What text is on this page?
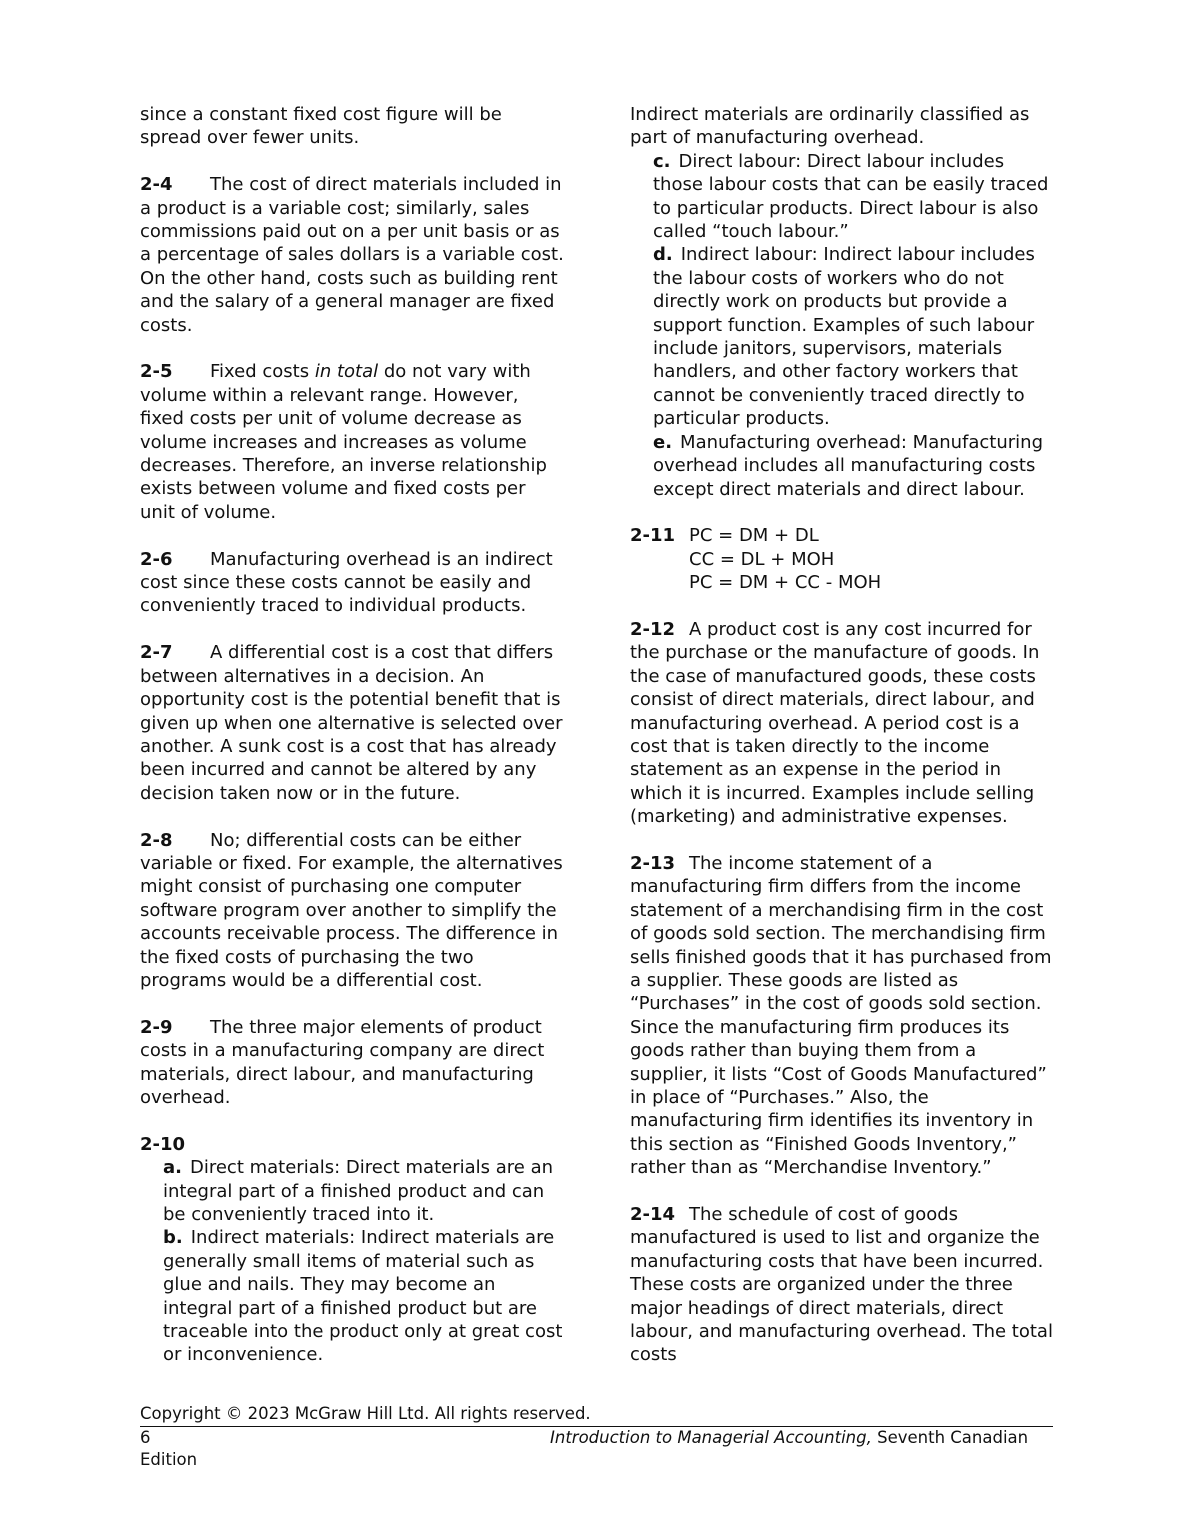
since a constant fixed cost figure will be spread over fewer units.

2-4 The cost of direct materials included in a product is a variable cost; similarly, sales commissions paid out on a per unit basis or as a percentage of sales dollars is a variable cost. On the other hand, costs such as building rent and the salary of a general manager are fixed costs.

2-5 Fixed costs in total do not vary with volume within a relevant range. However, fixed costs per unit of volume decrease as volume increases and increases as volume decreases. Therefore, an inverse relationship exists between volume and fixed costs per unit of volume.

2-6 Manufacturing overhead is an indirect cost since these costs cannot be easily and conveniently traced to individual products.

2-7 A differential cost is a cost that differs between alternatives in a decision. An opportunity cost is the potential benefit that is given up when one alternative is selected over another. A sunk cost is a cost that has already been incurred and cannot be altered by any decision taken now or in the future.

2-8 No; differential costs can be either variable or fixed. For example, the alternatives might consist of purchasing one computer software program over another to simplify the accounts receivable process. The difference in the fixed costs of purchasing the two programs would be a differential cost.

2-9 The three major elements of product costs in a manufacturing company are direct materials, direct labour, and manufacturing overhead.

2-10

a. Direct materials: Direct materials are an integral part of a finished product and can be conveniently traced into it.

b. Indirect materials: Indirect materials are generally small items of material such as glue and nails. They may become an integral part of a finished product but are traceable into the product only at great cost or inconvenience.

Indirect materials are ordinarily classified as part of manufacturing overhead.

c. Direct labour: Direct labour includes those labour costs that can be easily traced to particular products. Direct labour is also called “touch labour.”

d. Indirect labour: Indirect labour includes the labour costs of workers who do not directly work on products but provide a support function. Examples of such labour include janitors, supervisors, materials handlers, and other factory workers that cannot be conveniently traced directly to particular products.

e. Manufacturing overhead: Manufacturing overhead includes all manufacturing costs except direct materials and direct labour.

2-11 PC = DM + DL
CC = DL + MOH
PC = DM + CC - MOH

2-12 A product cost is any cost incurred for the purchase or the manufacture of goods. In the case of manufactured goods, these costs consist of direct materials, direct labour, and manufacturing overhead. A period cost is a cost that is taken directly to the income statement as an expense in the period in which it is incurred. Examples include selling (marketing) and administrative expenses.

2-13 The income statement of a manufacturing firm differs from the income statement of a merchandising firm in the cost of goods sold section. The merchandising firm sells finished goods that it has purchased from a supplier. These goods are listed as “Purchases” in the cost of goods sold section. Since the manufacturing firm produces its goods rather than buying them from a supplier, it lists “Cost of Goods Manufactured” in place of “Purchases.” Also, the manufacturing firm identifies its inventory in this section as “Finished Goods Inventory,” rather than as “Merchandise Inventory.”

2-14 The schedule of cost of goods manufactured is used to list and organize the manufacturing costs that have been incurred. These costs are organized under the three major headings of direct materials, direct labour, and manufacturing overhead. The total costs

Copyright © 2023 McGraw Hill Ltd. All rights reserved.
6	Introduction to Managerial Accounting, Seventh Canadian
Edition
